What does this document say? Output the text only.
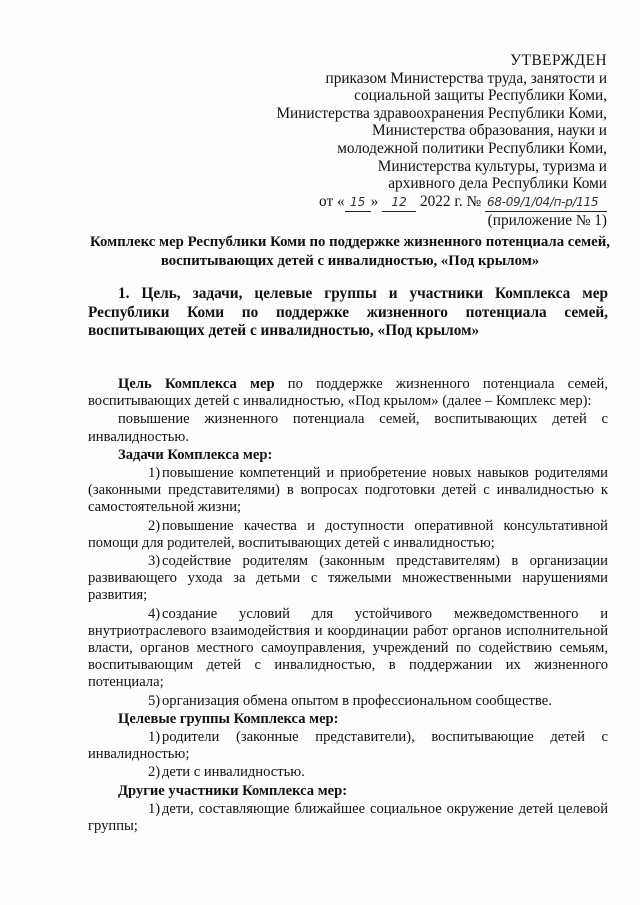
УТВЕРЖДЕН
приказом Министерства труда, занятости и
социальной защиты Республики Коми,
Министерства здравоохранения Республики Коми,
Министерства образования, науки и
молодежной политики Республики Коми,
Министерства культуры, туризма и
архивного дела Республики Коми
от « 15 » 12 2022 г. № 68-09/1/04/п-р/115
(приложение № 1)
Комплекс мер Республики Коми по поддержке жизненного потенциала семей, воспитывающих детей с инвалидностью, «Под крылом»
1. Цель, задачи, целевые группы и участники Комплекса мер Республики Коми по поддержке жизненного потенциала семей, воспитывающих детей с инвалидностью, «Под крылом»

Цель Комплекса мер по поддержке жизненного потенциала семей, воспитывающих детей с инвалидностью, «Под крылом» (далее – Комплекс мер):

повышение жизненного потенциала семей, воспитывающих детей с инвалидностью.

Задачи Комплекса мер:

1) повышение компетенций и приобретение новых навыков родителями (законными представителями) в вопросах подготовки детей с инвалидностью к самостоятельной жизни;

2) повышение качества и доступности оперативной консультативной помощи для родителей, воспитывающих детей с инвалидностью;

3) содействие родителям (законным представителям) в организации развивающего ухода за детьми с тяжелыми множественными нарушениями развития;

4) создание условий для устойчивого межведомственного и внутриотраслевого взаимодействия и координации работ органов исполнительной власти, органов местного самоуправления, учреждений по содействию семьям, воспитывающим детей с инвалидностью, в поддержании их жизненного потенциала;

5) организация обмена опытом в профессиональном сообществе.

Целевые группы Комплекса мер:

1) родители (законные представители), воспитывающие детей с инвалидностью;

2) дети с инвалидностью.

Другие участники Комплекса мер:

1) дети, составляющие ближайшее социальное окружение детей целевой группы;
